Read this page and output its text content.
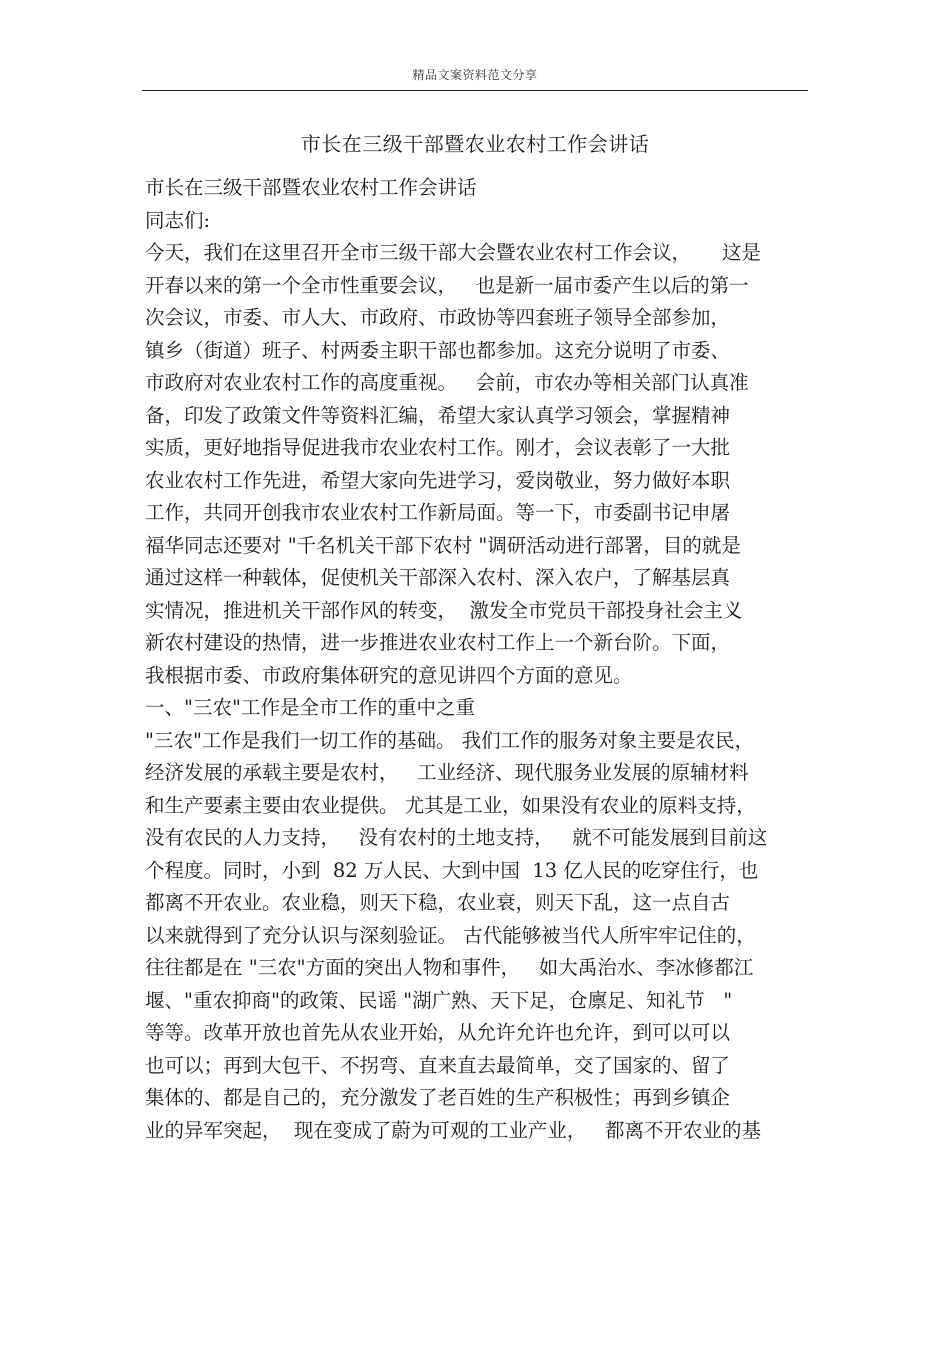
精品文案资料范文分享
市长在三级干部暨农业农村工作会讲话
市长在三级干部暨农业农村工作会讲话
同志们:
今天，我们在这里召开全市三级干部大会暨农业农村工作会议，     这是
开春以来的第一个全市性重要会议，   也是新一届市委产生以后的第一
次会议，市委、市人大、市政府、市政协等四套班子领导全部参加，
镇乡（街道）班子、村两委主职干部也都参加。这充分说明了市委、
市政府对农业农村工作的高度重视。   会前，市农办等相关部门认真准
备，印发了政策文件等资料汇编，希望大家认真学习领会，掌握精神
实质，更好地指导促进我市农业农村工作。刚才，会议表彰了一大批
农业农村工作先进，希望大家向先进学习，爱岗敬业，努力做好本职
工作，共同开创我市农业农村工作新局面。等一下，市委副书记申屠
福华同志还要对 "千名机关干部下农村 "调研活动进行部署，目的就是
通过这样一种载体，促使机关干部深入农村、深入农户，了解基层真
实情况，推进机关干部作风的转变，  激发全市党员干部投身社会主义
新农村建设的热情，进一步推进农业农村工作上一个新台阶。下面，
我根据市委、市政府集体研究的意见讲四个方面的意见。
一、"三农"工作是全市工作的重中之重
"三农"工作是我们一切工作的基础。 我们工作的服务对象主要是农民，
经济发展的承载主要是农村，   工业经济、现代服务业发展的原辅材料
和生产要素主要由农业提供。 尤其是工业，如果没有农业的原料支持，
没有农民的人力支持，   没有农村的土地支持，   就不可能发展到目前这
个程度。同时，小到  82 万人民、大到中国  13 亿人民的吃穿住行，也
都离不开农业。农业稳，则天下稳，农业衰，则天下乱，这一点自古
以来就得到了充分认识与深刻验证。 古代能够被当代人所牢牢记住的，
往往都是在 "三农"方面的突出人物和事件，   如大禹治水、李冰修都江
堰、"重农抑商"的政策、民谣 "湖广熟、天下足，仓廪足、知礼节   "
等等。改革开放也首先从农业开始，从允许允许也允许，到可以可以
也可以；再到大包干、不拐弯、直来直去最简单，交了国家的、留了
集体的、都是自己的，充分激发了老百姓的生产积极性；再到乡镇企
业的异军突起，  现在变成了蔚为可观的工业产业，   都离不开农业的基
